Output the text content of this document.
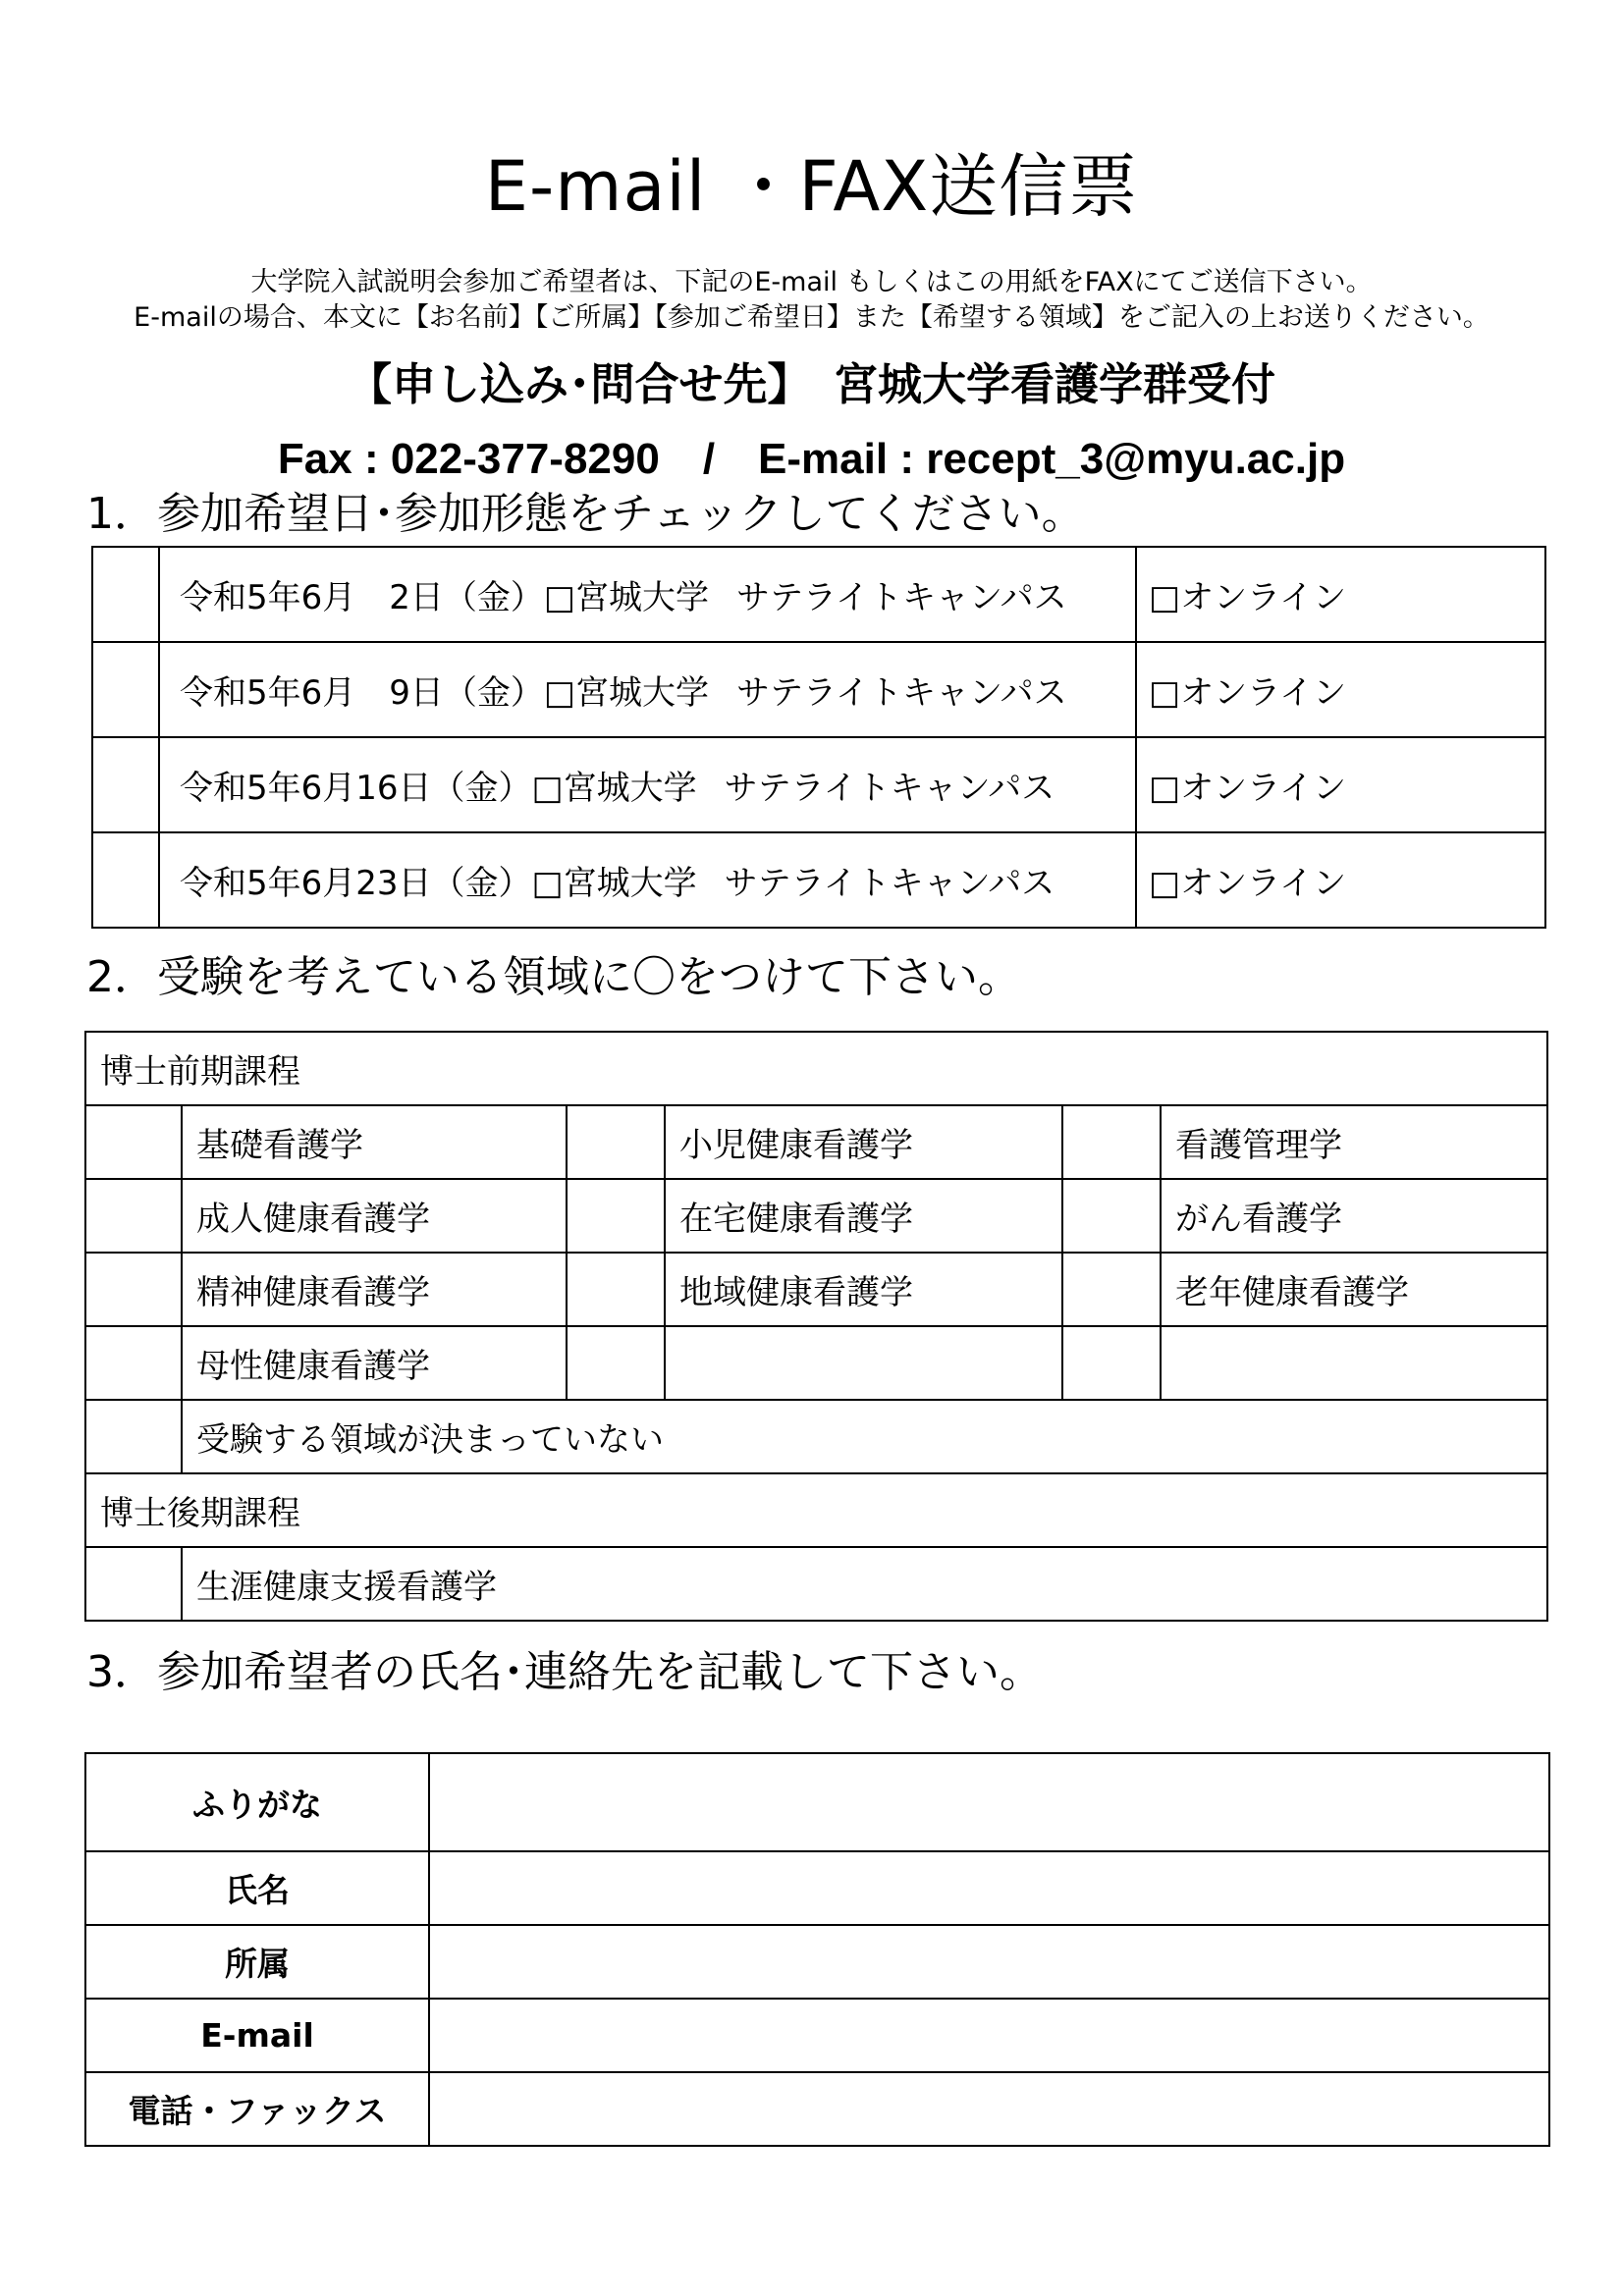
E-mail ・FAX送信票
大学院入試説明会参加ご希望者は、下記のE-mail もしくはこの用紙をFAXにてご送信下さい。
E-mailの場合、本文に【お名前】【ご所属】【参加ご希望日】また【希望する領域】をご記入の上お送りください。
【申し込み･問合せ先】　宮城大学看護学群受付
Fax : 022-377-8290　/　E-mail : recept_3@myu.ac.jp
1．参加希望日･参加形態をチェックしてください。
	令和5年6月　2日（金）□宮城大学 サテライトキャンパス	□オンライン
	令和5年6月　9日（金）□宮城大学 サテライトキャンパス	□オンライン
	令和5年6月16日（金）□宮城大学 サテライトキャンパス	□オンライン
	令和5年6月23日（金）□宮城大学 サテライトキャンパス	□オンライン
2．受験を考えている領域に〇をつけて下さい。
博士前期課程					
	基礎看護学		小児健康看護学		看護管理学
	成人健康看護学		在宅健康看護学		がん看護学
	精神健康看護学		地域健康看護学		老年健康看護学
	母性健康看護学				
	受験する領域が決まっていない				
博士後期課程					
	生涯健康支援看護学				
3．参加希望者の氏名･連絡先を記載して下さい。
ふりがな	
氏名	
所属	
E-mail	
電話・ファックス	
